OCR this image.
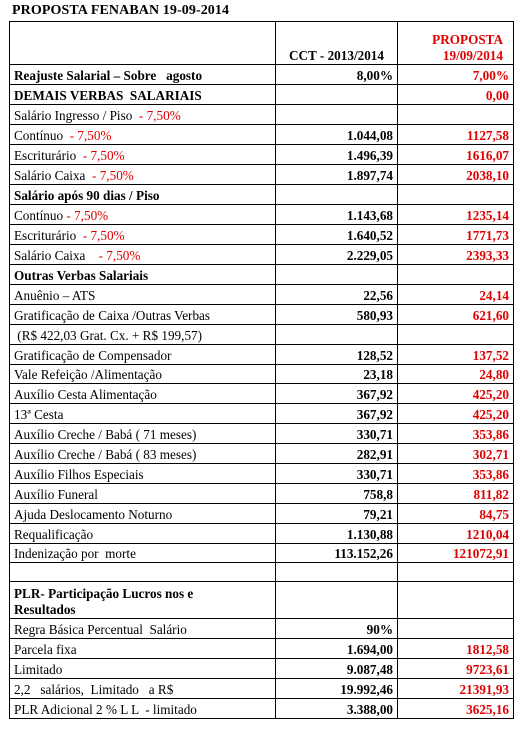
PROPOSTA FENABAN 19-09-2014
	CCT - 2013/2014	PROPOSTA
19/09/2014

Reajuste Salarial – Sobre   agosto	8,00%	7,00%
DEMAIS VERBAS  SALARIAIS		0,00
Salário Ingresso / Piso  - 7,50%		
Contínuo  - 7,50%	1.044,08	1127,58
Escriturário  - 7,50%	1.496,39	1616,07
Salário Caixa  - 7,50%	1.897,74	2038,10
Salário após 90 dias / Piso		
Contínuo - 7,50%	1.143,68	1235,14
Escriturário  - 7,50%	1.640,52	1771,73
Salário Caixa    - 7,50%	2.229,05	2393,33
Outras Verbas Salariais		
Anuênio – ATS	22,56	24,14
Gratificação de Caixa /Outras Verbas	580,93	621,60
(R$ 422,03 Grat. Cx. + R$ 199,57)		
Gratificação de Compensador	128,52	137,52
Vale Refeição /Alimentação	23,18	24,80
Auxílio Cesta Alimentação	367,92	425,20
13ª Cesta	367,92	425,20
Auxílio Creche / Babá ( 71 meses)	330,71	353,86
Auxílio Creche / Babá ( 83 meses)	282,91	302,71
Auxílio Filhos Especiais	330,71	353,86
Auxílio Funeral	758,8	811,82
Ajuda Deslocamento Noturno	79,21	84,75
Requalificação	1.130,88	1210,04
Indenização por  morte	113.152,26	121072,91

PLR- Participação Lucros nos e
Resultados		

Regra Básica Percentual  Salário	90%	
Parcela fixa	1.694,00	1812,58
Limitado	9.087,48	9723,61
2,2   salários,  Limitado   a R$	19.992,46	21391,93
PLR Adicional 2 % L L  - limitado	3.388,00	3625,16
